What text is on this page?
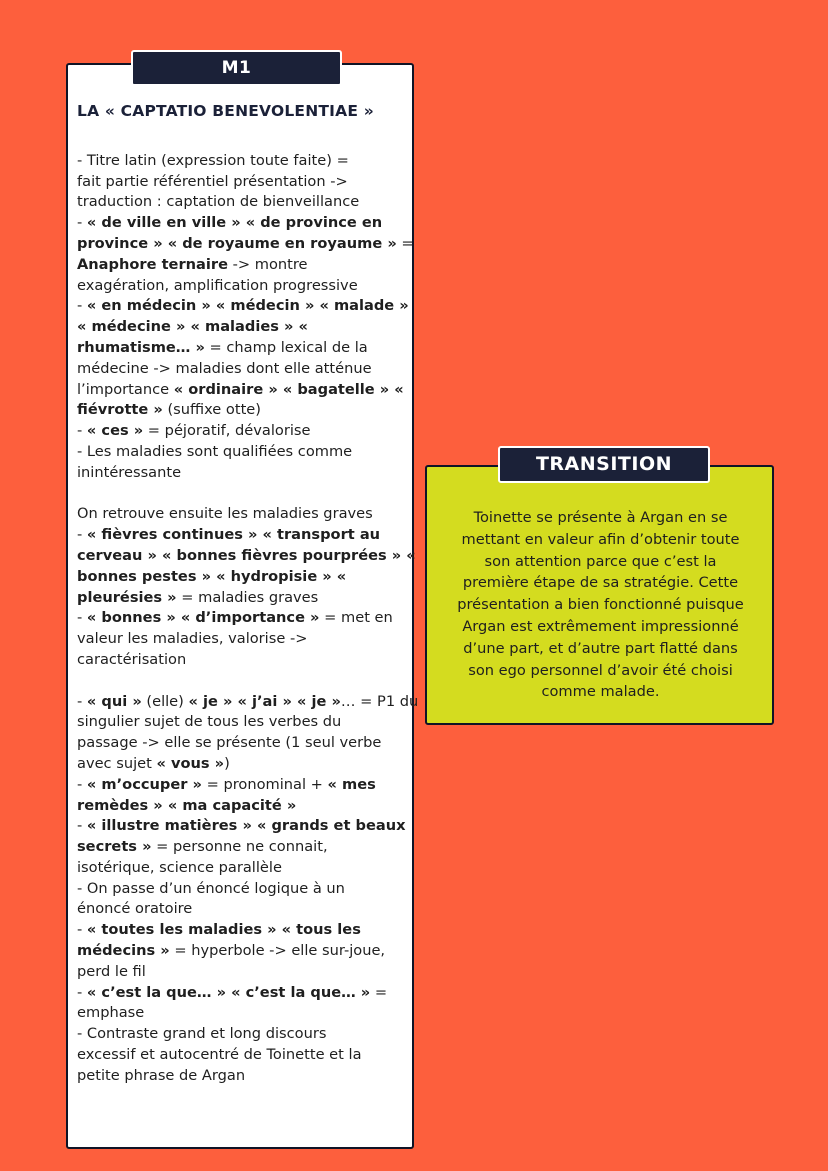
LA « CAPTATIO BENEVOLENTIAE »
- Titre latin (expression toute faite) =
fait partie référentiel présentation ->
traduction : captation de bienveillance
- « de ville en ville » « de province en
province » « de royaume en royaume » =
Anaphore ternaire -> montre
exagération, amplification progressive
- « en médecin » « médecin » « malade »
« médecine » « maladies » «
rhumatisme… » = champ lexical de la
médecine -> maladies dont elle atténue
l’importance « ordinaire » « bagatelle » «
fiévrotte » (suffixe otte)
- « ces » = péjoratif, dévalorise
- Les maladies sont qualifiées comme
inintéressante
On retrouve ensuite les maladies graves
- « fièvres continues » « transport au
cerveau » « bonnes fièvres pourprées » «
bonnes pestes » « hydropisie » «
pleurésies » = maladies graves
- « bonnes » « d’importance » = met en
valeur les maladies, valorise ->
caractérisation
- « qui » (elle) « je » « j’ai » « je »… = P1 du
singulier sujet de tous les verbes du
passage -> elle se présente (1 seul verbe
avec sujet « vous »)
- « m’occuper » = pronominal + « mes
remèdes » « ma capacité »
- « illustre matières » « grands et beaux
secrets » = personne ne connait,
isotérique, science parallèle
- On passe d’un énoncé logique à un
énoncé oratoire
- « toutes les maladies » « tous les
médecins » = hyperbole -> elle sur-joue,
perd le fil
- « c’est la que… » « c’est la que… » =
emphase
- Contraste grand et long discours
excessif et autocentré de Toinette et la
petite phrase de Argan
M1
Toinette se présente à Argan en se
mettant en valeur afin d’obtenir toute
son attention parce que c’est la
première étape de sa stratégie. Cette
présentation a bien fonctionné puisque
Argan est extrêmement impressionné
d’une part, et d’autre part flatté dans
son ego personnel d’avoir été choisi
comme malade.
TRANSITION
